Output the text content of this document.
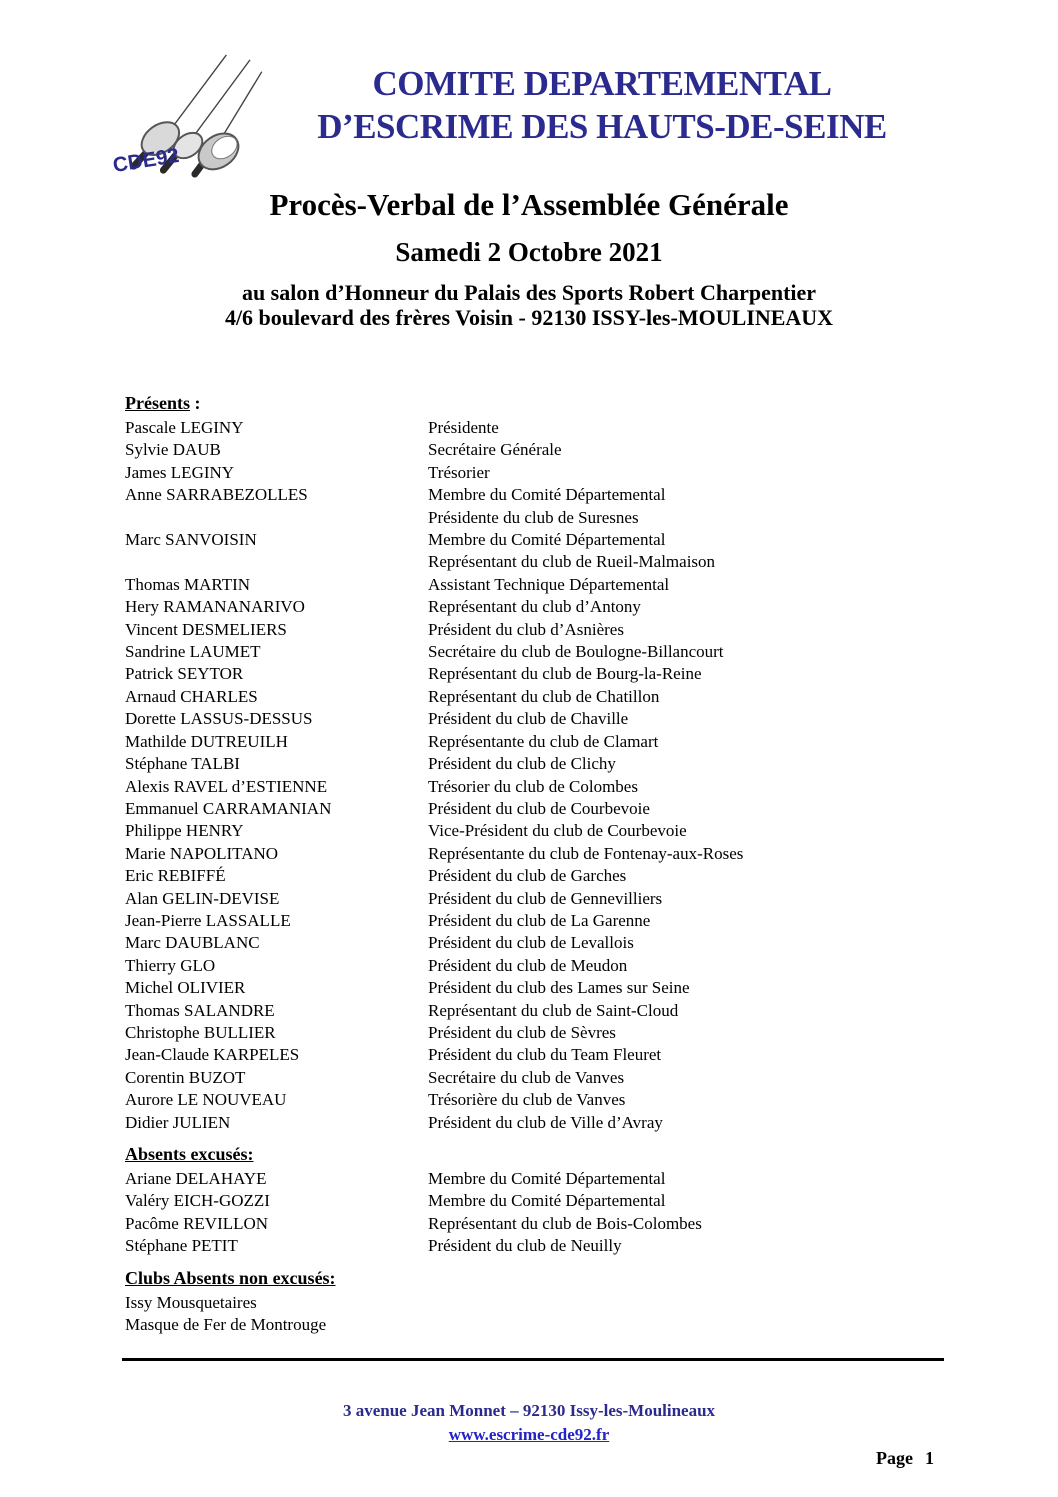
CDE92
COMITE DEPARTEMENTAL
D’ESCRIME DES HAUTS-DE-SEINE
Procès-Verbal de l’Assemblée Générale
Samedi 2 Octobre 2021
au salon d’Honneur du Palais des Sports Robert Charpentier
4/6 boulevard des frères Voisin - 92130 ISSY-les-MOULINEAUX
Présents :
Pascale LEGINY	Présidente
Sylvie DAUB	Secrétaire Générale
James LEGINY	Trésorier
Anne SARRABEZOLLES	Membre du Comité Départemental
Présidente du club de Suresnes
Marc SANVOISIN	Membre du Comité Départemental
Représentant du club de Rueil-Malmaison
Thomas MARTIN	Assistant Technique Départemental
Hery RAMANANARIVO	Représentant du club d’Antony
Vincent DESMELIERS	Président du club d’Asnières
Sandrine LAUMET	Secrétaire du club de Boulogne-Billancourt
Patrick SEYTOR	Représentant du club de Bourg-la-Reine
Arnaud CHARLES	Représentant du club de Chatillon
Dorette LASSUS-DESSUS	Président du club de Chaville
Mathilde DUTREUILH	Représentante du club de Clamart
Stéphane TALBI	Président du club de Clichy
Alexis RAVEL d’ESTIENNE	Trésorier du club de Colombes
Emmanuel CARRAMANIAN	Président du club de Courbevoie
Philippe HENRY	Vice-Président du club de Courbevoie
Marie NAPOLITANO	Représentante du club de Fontenay-aux-Roses
Eric REBIFFÉ	Président du club de Garches
Alan GELIN-DEVISE	Président du club de Gennevilliers
Jean-Pierre LASSALLE	Président du club de La Garenne
Marc DAUBLANC	Président du club de Levallois
Thierry GLO	Président du club de Meudon
Michel OLIVIER	Président du club des Lames sur Seine
Thomas SALANDRE	Représentant du club de Saint-Cloud
Christophe BULLIER	Président du club de Sèvres
Jean-Claude KARPELES	Président du club du Team Fleuret
Corentin BUZOT	Secrétaire du club de Vanves
Aurore LE NOUVEAU	Trésorière du club de Vanves
Didier JULIEN	Président du club de Ville d’Avray
Absents excusés:
Ariane DELAHAYE	Membre du Comité Départemental
Valéry EICH-GOZZI	Membre du Comité Départemental
Pacôme REVILLON	Représentant du club de Bois-Colombes
Stéphane PETIT	Président du club de Neuilly
Clubs Absents non excusés:
Issy Mousquetaires
Masque de Fer de Montrouge
3 avenue Jean Monnet – 92130 Issy-les-Moulineaux
www.escrime-cde92.fr
Page 1
